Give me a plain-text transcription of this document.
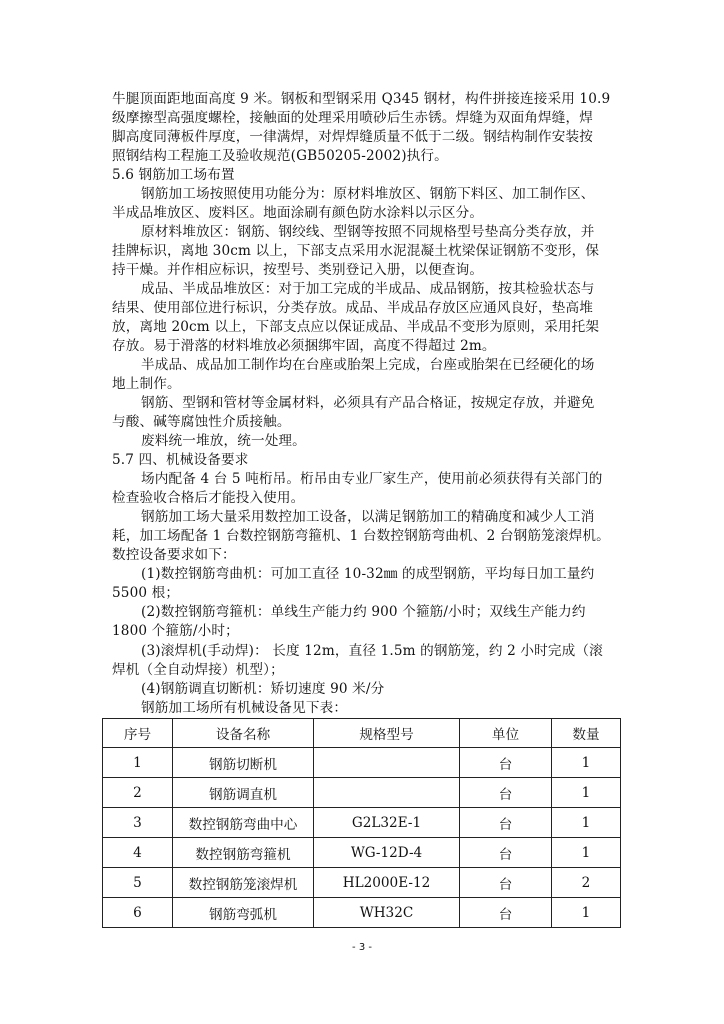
牛腿顶面距地面高度 9 米。钢板和型钢采用 Q345 钢材，构件拼接连接采用 10.9
级摩擦型高强度螺栓，接触面的处理采用喷砂后生赤锈。焊缝为双面角焊缝，焊
脚高度同薄板件厚度，一律满焊，对焊焊缝质量不低于二级。钢结构制作安装按
照钢结构工程施工及验收规范(GB50205-2002)执行。
5.6 钢筋加工场布置
钢筋加工场按照使用功能分为：原材料堆放区、钢筋下料区、加工制作区、
半成品堆放区、废料区。地面涂刷有颜色防水涂料以示区分。
原材料堆放区：钢筋、钢绞线、型钢等按照不同规格型号垫高分类存放，并
挂牌标识，离地 30cm 以上，下部支点采用水泥混凝土枕梁保证钢筋不变形，保
持干燥。并作相应标识，按型号、类别登记入册，以便查询。
成品、半成品堆放区：对于加工完成的半成品、成品钢筋，按其检验状态与
结果、使用部位进行标识，分类存放。成品、半成品存放区应通风良好，垫高堆
放，离地 20cm 以上，下部支点应以保证成品、半成品不变形为原则，采用托架
存放。易于滑落的材料堆放必须捆绑牢固，高度不得超过 2m。
半成品、成品加工制作均在台座或胎架上完成，台座或胎架在已经硬化的场
地上制作。
钢筋、型钢和管材等金属材料，必须具有产品合格证，按规定存放，并避免
与酸、碱等腐蚀性介质接触。
废料统一堆放，统一处理。
5.7 四、机械设备要求
场内配备 4 台 5 吨桁吊。桁吊由专业厂家生产，使用前必须获得有关部门的
检查验收合格后才能投入使用。
钢筋加工场大量采用数控加工设备，以满足钢筋加工的精确度和减少人工消
耗，加工场配备 1 台数控钢筋弯箍机、1 台数控钢筋弯曲机、2 台钢筋笼滚焊机。
数控设备要求如下：
(1)数控钢筋弯曲机：可加工直径 10-32㎜ 的成型钢筋，平均每日加工量约
5500 根；
(2)数控钢筋弯箍机：单线生产能力约 900 个箍筋/小时；双线生产能力约
1800 个箍筋/小时；
(3)滚焊机(手动焊)： 长度 12m，直径 1.5m 的钢筋笼，约 2 小时完成（滚
焊机（全自动焊接）机型）；
(4)钢筋调直切断机：矫切速度 90 米/分
钢筋加工场所有机械设备见下表：
序号	设备名称	规格型号	单位	数量
1	钢筋切断机		台	1
2	钢筋调直机		台	1
3	数控钢筋弯曲中心	G2L32E-1	台	1
4	数控钢筋弯箍机	WG-12D-4	台	1
5	数控钢筋笼滚焊机	HL2000E-12	台	2
6	钢筋弯弧机	WH32C	台	1
- 3 -
